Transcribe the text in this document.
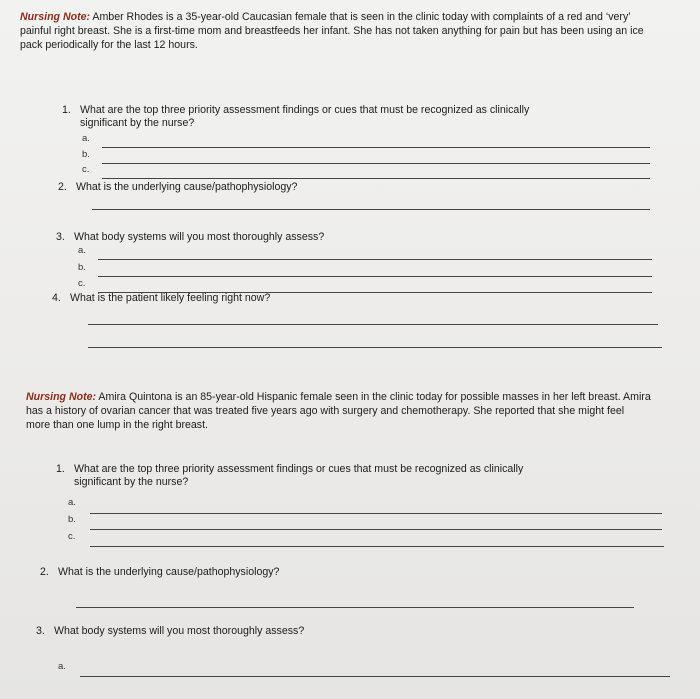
Nursing Note: Amber Rhodes is a 35-year-old Caucasian female that is seen in the clinic today with complaints of a red and ‘very’ painful right breast. She is a first-time mom and breastfeeds her infant. She has not taken anything for pain but has been using an ice pack periodically for the last 12 hours.

1. What are the top three priority assessment findings or cues that must be recognized as clinically
significant by the nurse?
a.
b.
c.
2. What is the underlying cause/pathophysiology?
3. What body systems will you most thoroughly assess?
a.
b.
c.
4. What is the patient likely feeling right now?

Nursing Note: Amira Quintona is an 85-year-old Hispanic female seen in the clinic today for possible masses in her left breast. Amira has a history of ovarian cancer that was treated five years ago with surgery and chemotherapy. She reported that she might feel more than one lump in the right breast.

1. What are the top three priority assessment findings or cues that must be recognized as clinically
significant by the nurse?
a.
b.
c.
2. What is the underlying cause/pathophysiology?
3. What body systems will you most thoroughly assess?
a.
